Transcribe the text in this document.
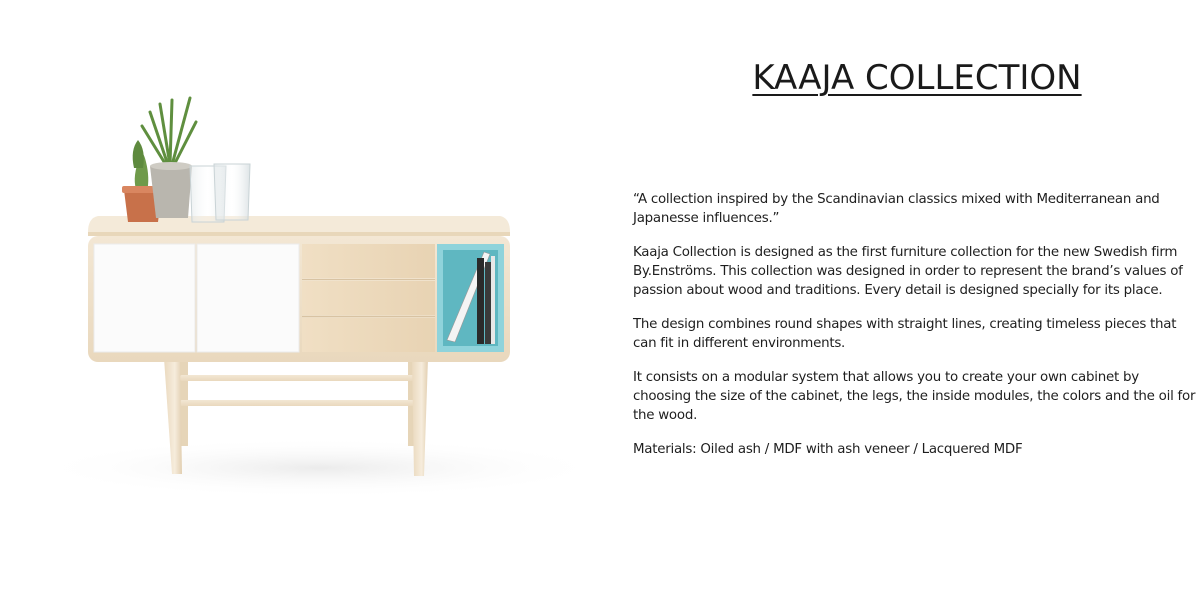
KAAJA COLLECTION

“A collection inspired by the Scandinavian classics mixed with Mediterranean and Japanesse influences.”

Kaaja Collection is designed as the first furniture collection for the new Swedish firm By.Enströms. This collection was designed in order to represent the brand’s values of passion about wood and traditions. Every detail is designed specially for its place.

The design combines round shapes with straight lines, creating timeless pieces that can fit in different environments.

It consists on a modular system that allows you to create your own cabinet by choosing the size of the cabinet, the legs, the inside modules, the colors and the oil for the wood.

Materials: Oiled ash / MDF with ash veneer / Lacquered MDF
